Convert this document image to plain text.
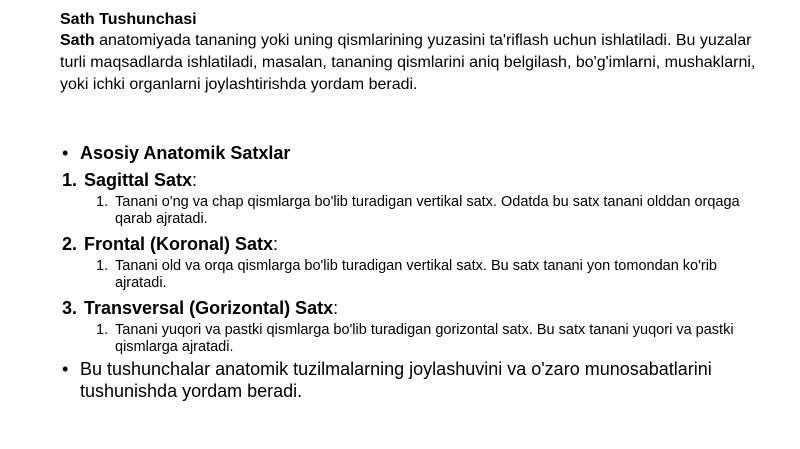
Sath Tushunchasi

Sath anatomiyada tananing yoki uning qismlarining yuzasini ta'riflash uchun ishlatiladi. Bu yuzalar turli maqsadlarda ishlatiladi, masalan, tananing qismlarini aniq belgilash, bo'g'imlarni, mushaklarni, yoki ichki organlarni joylashtirishda yordam beradi.

• Asosiy Anatomik Satxlar
1. Sagittal Satx :
1. Tanani o'ng va chap qismlarga bo'lib turadigan vertikal satx. Odatda bu satx tanani olddan orqaga qarab ajratadi.
2. Frontal (Koronal) Satx :
1. Tanani old va orqa qismlarga bo'lib turadigan vertikal satx. Bu satx tanani yon tomondan ko'rib ajratadi.
3. Transversal (Gorizontal) Satx :
1. Tanani yuqori va pastki qismlarga bo'lib turadigan gorizontal satx. Bu satx tanani yuqori va pastki qismlarga ajratadi.
• Bu tushunchalar anatomik tuzilmalarning joylashuvini va o'zaro munosabatlarini tushunishda yordam beradi.
